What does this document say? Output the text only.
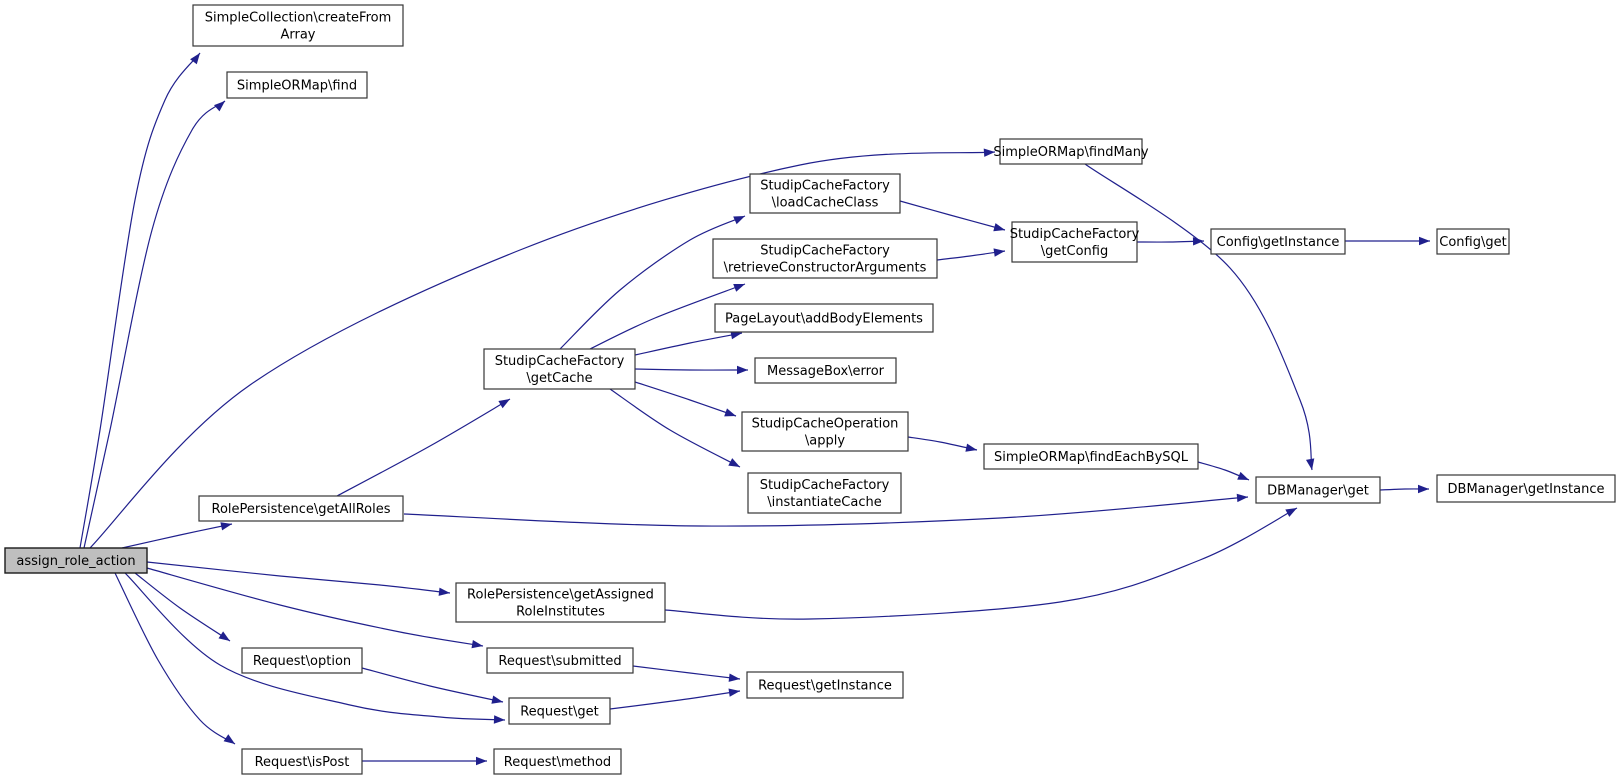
assign_role_action
SimpleCollection\createFrom
Array
SimpleORMap\find
RolePersistence\getAllRoles
StudipCacheFactory
\getCache
StudipCacheFactory
\loadCacheClass
StudipCacheFactory
\retrieveConstructorArguments
PageLayout\addBodyElements
MessageBox\error
StudipCacheOperation
\apply
StudipCacheFactory
\instantiateCache
SimpleORMap\findMany
StudipCacheFactory
\getConfig
Config\getInstance	Config\get
SimpleORMap\findEachBySQL
DBManager\get	DBManager\getInstance
RolePersistence\getAssigned
RoleInstitutes
Request\option	Request\submitted
Request\get
Request\getInstance
Request\isPost	Request\method
